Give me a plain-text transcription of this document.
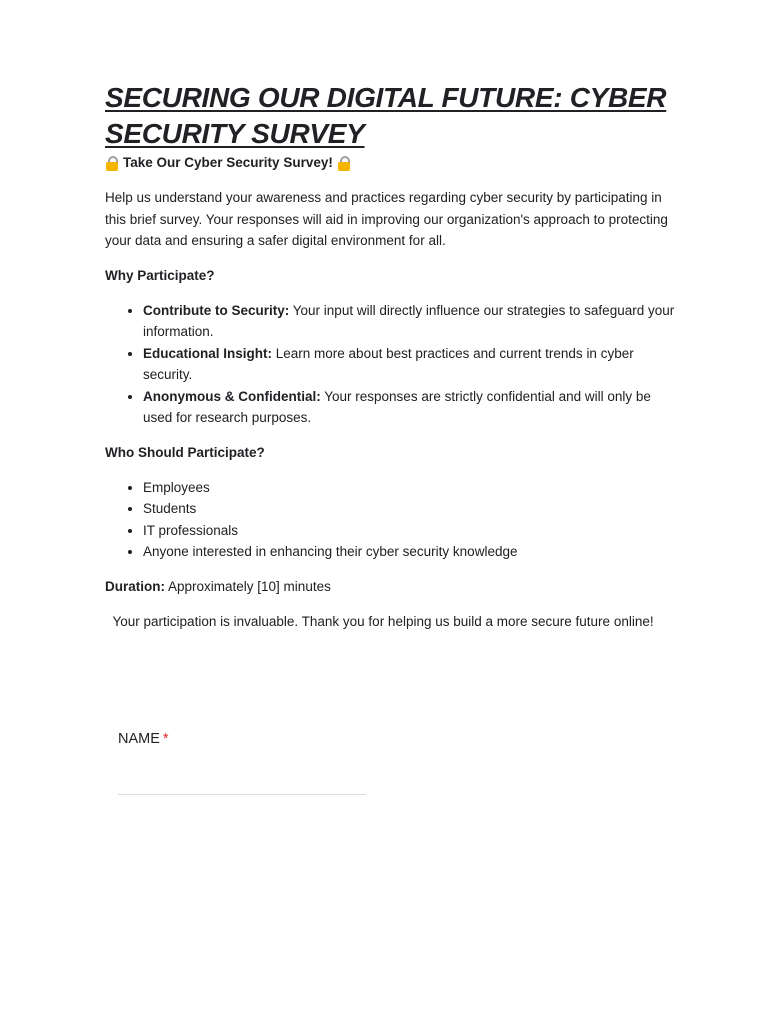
SECURING OUR DIGITAL FUTURE: CYBER SECURITY SURVEY
Take Our Cyber Security Survey!

Help us understand your awareness and practices regarding cyber security by participating in this brief survey. Your responses will aid in improving our organization's approach to protecting your data and ensuring a safer digital environment for all.

Why Participate?
• Contribute to Security: Your input will directly influence our strategies to safeguard your information.
• Educational Insight: Learn more about best practices and current trends in cyber security.
• Anonymous & Confidential: Your responses are strictly confidential and will only be used for research purposes.
Who Should Participate?
• Employees
• Students
• IT professionals
• Anyone interested in enhancing their cyber security knowledge
Duration: Approximately [10] minutes

Your participation is invaluable. Thank you for helping us build a more secure future online!

NAME *
